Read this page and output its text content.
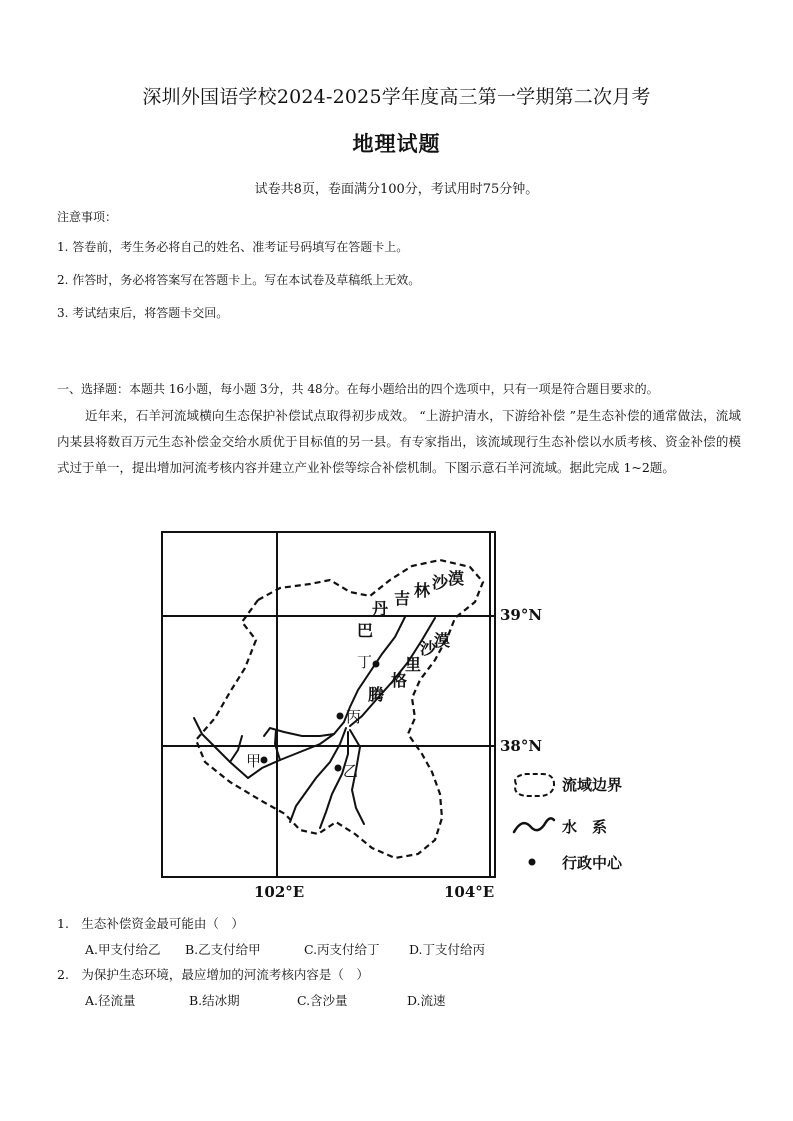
深圳外国语学校2024-2025学年度高三第一学期第二次月考
地理试题
试卷共8页，卷面满分100分，考试用时75分钟。
注意事项：
1. 答卷前，考生务必将自己的姓名、准考证号码填写在答题卡上。
2. 作答时，务必将答案写在答题卡上。写在本试卷及草稿纸上无效。
3. 考试结束后，将答题卡交回。
一、选择题：本题共 16小题，每小题 3分，共 48分。在每小题给出的四个选项中，只有一项是符合题目要求的。
近年来，石羊河流域横向生态保护补偿试点取得初步成效。 “上游护清水，下游给补偿 ”是生态补偿的通常做法，流域内某县将数百万元生态补偿金交给水质优于目标值的另一县。有专家指出，该流域现行生态补偿以水质考核、资金补偿的模式过于单一，提出增加河流考核内容并建立产业补偿等综合补偿机制。下图示意石羊河流域。据此完成 1~2题。
甲
乙
丙
丁
巴
丹
吉 林 沙 漠
腾
格
里
沙
漠
39°N
38°N
102°E	104°E
流域边界
水　系
行政中心
1.　生态补偿资金最可能由（　）
A.甲支付给乙 B.乙支付给甲	C.丙支付给丁 D.丁支付给丙
2.　为保护生态环境，最应增加的河流考核内容是（　）
A.径流量	B.结冰期	C.含沙量	D.流速
